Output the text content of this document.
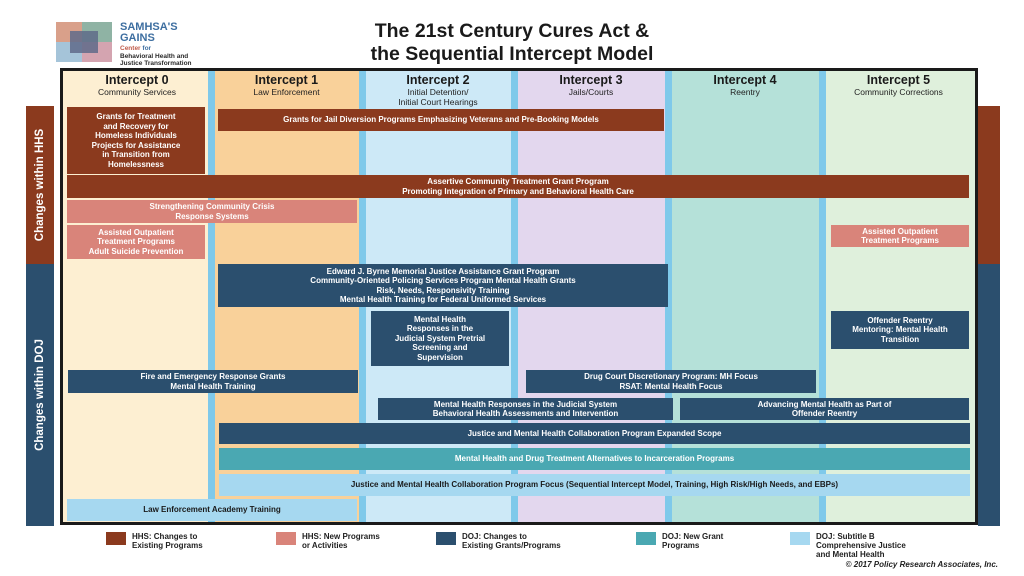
SAMHSA'S
GAINS
Center for
Behavioral Health and
Justice Transformation
The 21st Century Cures Act &
the Sequential Intercept Model
Changes within HHS
Changes within DOJ
Intercept 0
Community Services
Intercept 1
Law Enforcement
Intercept 2
Initial Detention/
Initial Court Hearings
Intercept 3
Jails/Courts
Intercept 4
Reentry
Intercept 5
Community Corrections
Grants for Treatment
and Recovery for
Homeless Individuals
Projects for Assistance
in Transition from
Homelessness
Grants for Jail Diversion Programs Emphasizing Veterans and Pre-Booking Models
Assertive Community Treatment Grant Program
Promoting Integration of Primary and Behavioral Health Care
Strengthening Community Crisis
Response Systems
Assisted Outpatient
Treatment Programs
Adult Suicide Prevention
Assisted Outpatient
Treatment Programs
Edward J. Byrne Memorial Justice Assistance Grant Program
Community-Oriented Policing Services Program Mental Health Grants
Risk, Needs, Responsivity Training
Mental Health Training for Federal Uniformed Services
Mental Health
Responses in the
Judicial System Pretrial
Screening and
Supervision
Offender Reentry
Mentoring: Mental Health
Transition
Fire and Emergency Response Grants
Mental Health Training
Drug Court Discretionary Program: MH Focus
RSAT: Mental Health Focus
Mental Health Responses in the Judicial System
Behavioral Health Assessments and Intervention
Advancing Mental Health as Part of
Offender Reentry
Justice and Mental Health Collaboration Program Expanded Scope
Mental Health and Drug Treatment Alternatives to Incarceration Programs
Justice and Mental Health Collaboration Program Focus (Sequential Intercept Model, Training, High Risk/High Needs, and EBPs)
Law Enforcement Academy Training
HHS: Changes to
Existing Programs
HHS: New Programs
or Activities
DOJ: Changes to
Existing Grants/Programs
DOJ: New Grant
Programs
DOJ: Subtitle B
Comprehensive Justice
and Mental Health
© 2017 Policy Research Associates, Inc.
